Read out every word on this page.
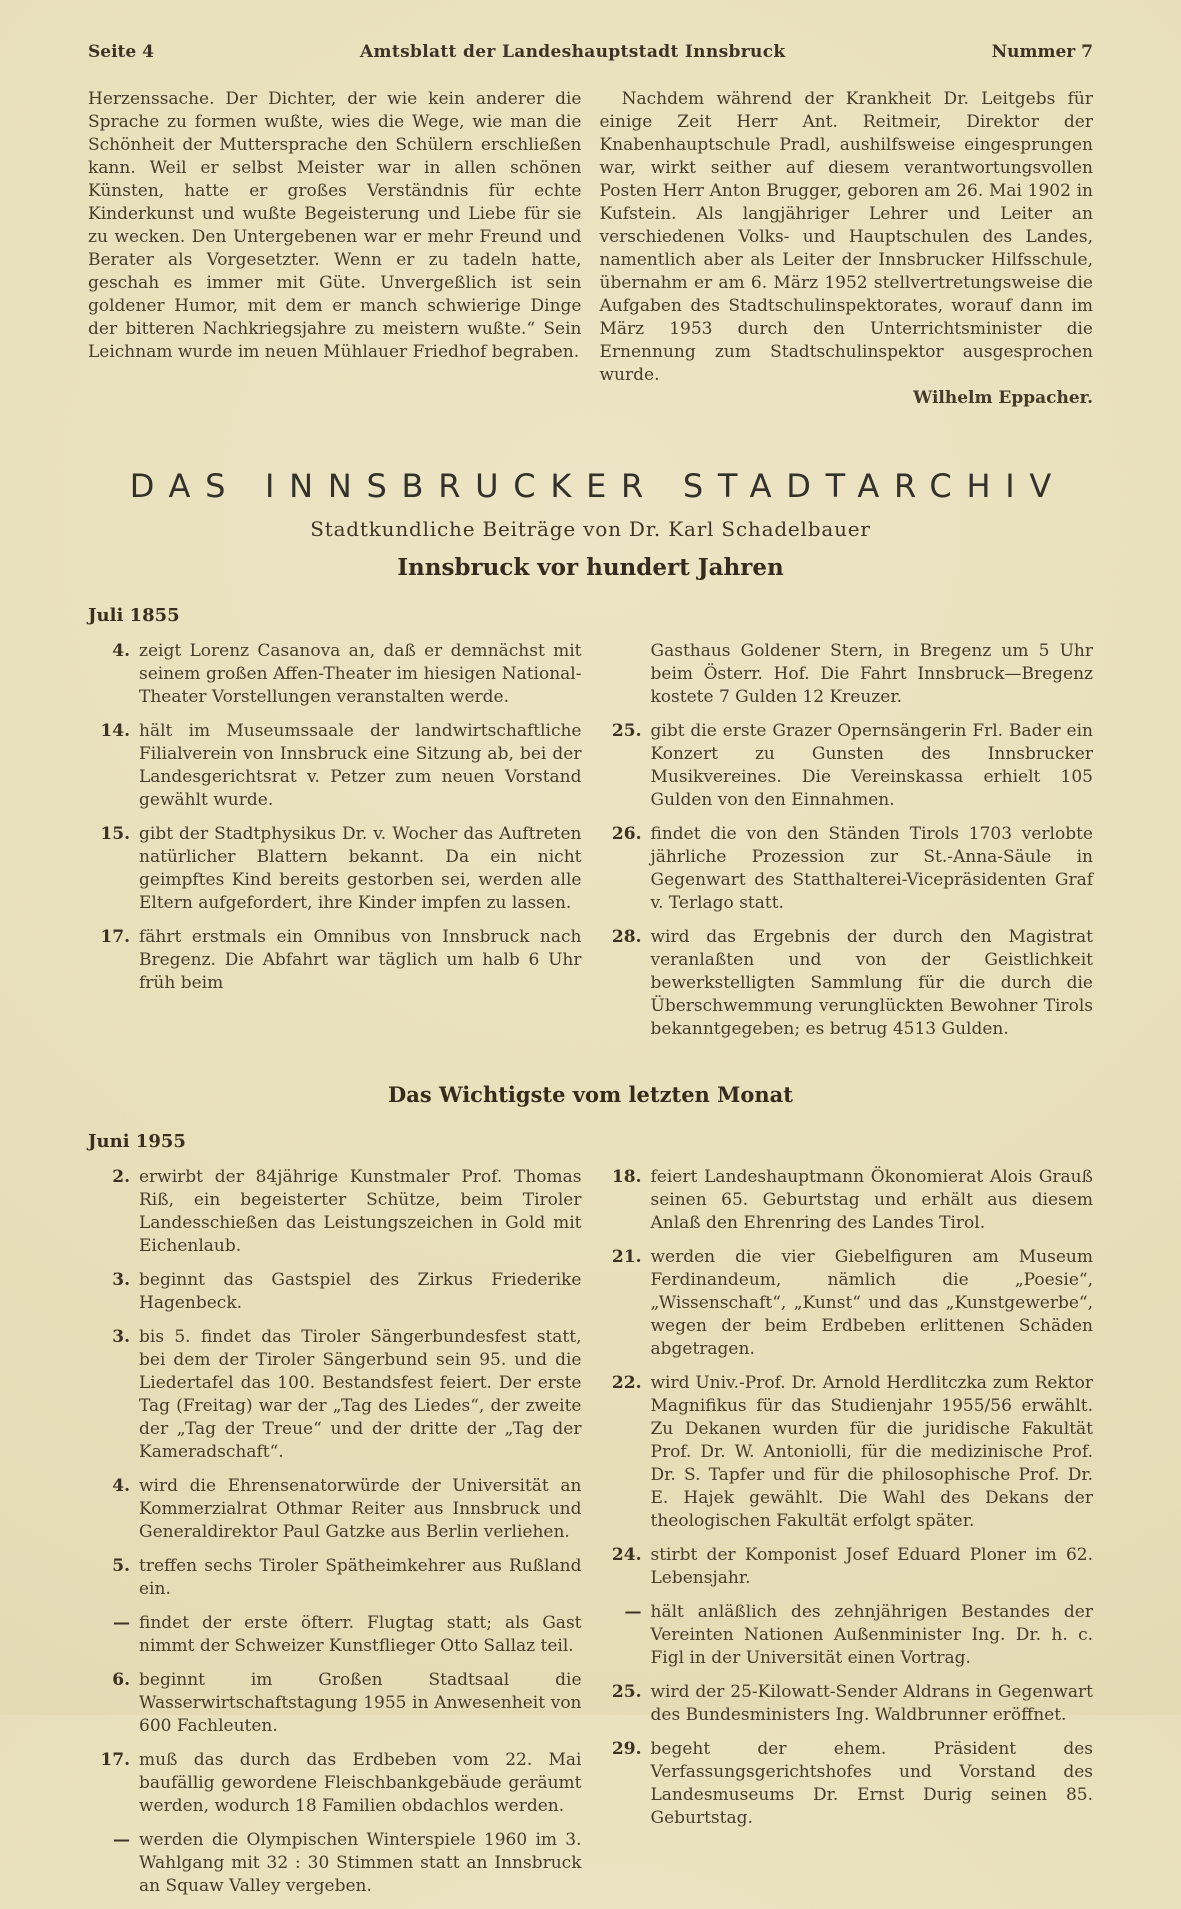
Seite 4	Amtsblatt der Landeshauptstadt Innsbruck	Nummer 7

Herzenssache. Der Dichter, der wie kein anderer die Sprache zu formen wußte, wies die Wege, wie man die Schönheit der Muttersprache den Schülern erschließen kann. Weil er selbst Meister war in allen schönen Künsten, hatte er großes Verständnis für echte Kinderkunst und wußte Begeisterung und Liebe für sie zu wecken. Den Untergebenen war er mehr Freund und Berater als Vorgesetzter. Wenn er zu tadeln hatte, geschah es immer mit Güte. Unvergeßlich ist sein goldener Humor, mit dem er manch schwierige Dinge der bitteren Nachkriegsjahre zu meistern wußte.“ Sein Leichnam wurde im neuen Mühlauer Friedhof begraben.

Nachdem während der Krankheit Dr. Leitgebs für einige Zeit Herr Ant. Reitmeir, Direktor der Knabenhauptschule Pradl, aushilfsweise eingesprungen war, wirkt seither auf diesem verantwortungsvollen Posten Herr Anton Brugger, geboren am 26. Mai 1902 in Kufstein. Als langjähriger Lehrer und Leiter an verschiedenen Volks- und Hauptschulen des Landes, namentlich aber als Leiter der Innsbrucker Hilfsschule, übernahm er am 6. März 1952 stellvertretungsweise die Aufgaben des Stadtschulinspektorates, worauf dann im März 1953 durch den Unterrichtsminister die Ernennung zum Stadtschulinspektor ausgesprochen wurde.

Wilhelm Eppacher.

DAS INNSBRUCKER STADTARCHIV
Stadtkundliche Beiträge von Dr. Karl Schadelbauer
Innsbruck vor hundert Jahren
Juli 1855
4. zeigt Lorenz Casanova an, daß er demnächst mit seinem großen Affen-Theater im hiesigen National-Theater Vorstellungen veranstalten werde.
14. hält im Museumssaale der landwirtschaftliche Filialverein von Innsbruck eine Sitzung ab, bei der Landesgerichtsrat v. Petzer zum neuen Vorstand gewählt wurde.
15. gibt der Stadtphysikus Dr. v. Wocher das Auftreten natürlicher Blattern bekannt. Da ein nicht geimpftes Kind bereits gestorben sei, werden alle Eltern aufgefordert, ihre Kinder impfen zu lassen.
17. fährt erstmals ein Omnibus von Innsbruck nach Bregenz. Die Abfahrt war täglich um halb 6 Uhr früh beim

Gasthaus Goldener Stern, in Bregenz um 5 Uhr beim Österr. Hof. Die Fahrt Innsbruck—Bregenz kostete 7 Gulden 12 Kreuzer.

25. gibt die erste Grazer Opernsängerin Frl. Bader ein Konzert zu Gunsten des Innsbrucker Musikvereines. Die Vereinskassa erhielt 105 Gulden von den Einnahmen.
26. findet die von den Ständen Tirols 1703 verlobte jährliche Prozession zur St.-Anna-Säule in Gegenwart des Statthalterei-Vicepräsidenten Graf v. Terlago statt.
28. wird das Ergebnis der durch den Magistrat veranlaßten und von der Geistlichkeit bewerkstelligten Sammlung für die durch die Überschwemmung verunglückten Bewohner Tirols bekanntgegeben; es betrug 4513 Gulden.
Das Wichtigste vom letzten Monat
Juni 1955
2. erwirbt der 84jährige Kunstmaler Prof. Thomas Riß, ein begeisterter Schütze, beim Tiroler Landesschießen das Leistungszeichen in Gold mit Eichenlaub.
3. beginnt das Gastspiel des Zirkus Friederike Hagenbeck.
3. bis 5. findet das Tiroler Sängerbundesfest statt, bei dem der Tiroler Sängerbund sein 95. und die Liedertafel das 100. Bestandsfest feiert. Der erste Tag (Freitag) war der „Tag des Liedes“, der zweite der „Tag der Treue“ und der dritte der „Tag der Kameradschaft“.
4. wird die Ehrensenatorwürde der Universität an Kommerzialrat Othmar Reiter aus Innsbruck und Generaldirektor Paul Gatzke aus Berlin verliehen.
5. treffen sechs Tiroler Spätheimkehrer aus Rußland ein.
— findet der erste öfterr. Flugtag statt; als Gast nimmt der Schweizer Kunstflieger Otto Sallaz teil.
6. beginnt im Großen Stadtsaal die Wasserwirtschaftstagung 1955 in Anwesenheit von 600 Fachleuten.
17. muß das durch das Erdbeben vom 22. Mai baufällig gewordene Fleischbankgebäude geräumt werden, wodurch 18 Familien obdachlos werden.
— werden die Olympischen Winterspiele 1960 im 3. Wahlgang mit 32 : 30 Stimmen statt an Innsbruck an Squaw Valley vergeben.
18. feiert Landeshauptmann Ökonomierat Alois Grauß seinen 65. Geburtstag und erhält aus diesem Anlaß den Ehrenring des Landes Tirol.
21. werden die vier Giebelfiguren am Museum Ferdinandeum, nämlich die „Poesie“, „Wissenschaft“, „Kunst“ und das „Kunstgewerbe“, wegen der beim Erdbeben erlittenen Schäden abgetragen.
22. wird Univ.-Prof. Dr. Arnold Herdlitczka zum Rektor Magnifikus für das Studienjahr 1955/56 erwählt. Zu Dekanen wurden für die juridische Fakultät Prof. Dr. W. Antoniolli, für die medizinische Prof. Dr. S. Tapfer und für die philosophische Prof. Dr. E. Hajek gewählt. Die Wahl des Dekans der theologischen Fakultät erfolgt später.
24. stirbt der Komponist Josef Eduard Ploner im 62. Lebensjahr.
— hält anläßlich des zehnjährigen Bestandes der Vereinten Nationen Außenminister Ing. Dr. h. c. Figl in der Universität einen Vortrag.
25. wird der 25-Kilowatt-Sender Aldrans in Gegenwart des Bundesministers Ing. Waldbrunner eröffnet.
29. begeht der ehem. Präsident des Verfassungsgerichtshofes und Vorstand des Landesmuseums Dr. Ernst Durig seinen 85. Geburtstag.
